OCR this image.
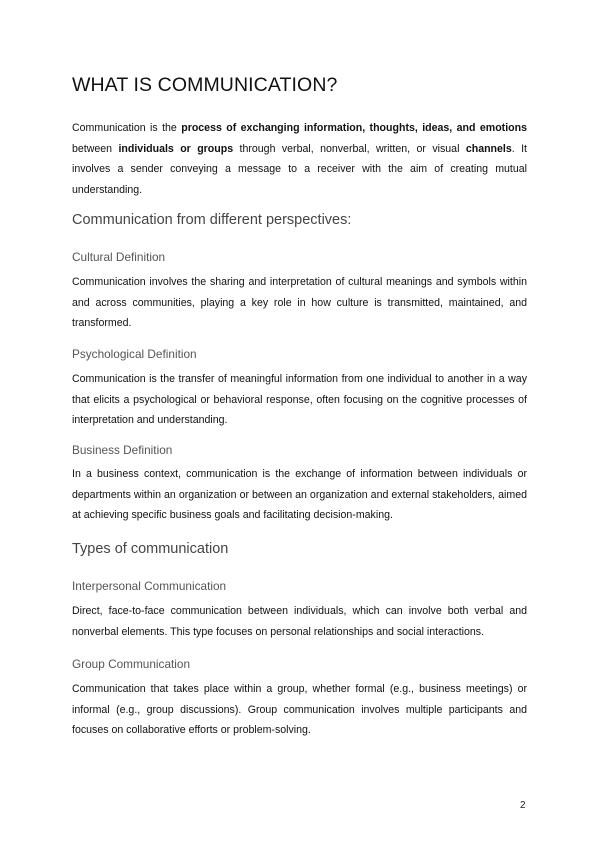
WHAT IS COMMUNICATION?

Communication is the process of exchanging information, thoughts, ideas, and emotions between individuals or groups through verbal, nonverbal, written, or visual channels. It involves a sender conveying a message to a receiver with the aim of creating mutual understanding.

Communication from different perspectives:
Cultural Definition

Communication involves the sharing and interpretation of cultural meanings and symbols within and across communities, playing a key role in how culture is transmitted, maintained, and transformed.

Psychological Definition

Communication is the transfer of meaningful information from one individual to another in a way that elicits a psychological or behavioral response, often focusing on the cognitive processes of interpretation and understanding.

Business Definition

In a business context, communication is the exchange of information between individuals or departments within an organization or between an organization and external stakeholders, aimed at achieving specific business goals and facilitating decision-making.

Types of communication
Interpersonal Communication

Direct, face-to-face communication between individuals, which can involve both verbal and nonverbal elements. This type focuses on personal relationships and social interactions.

Group Communication

Communication that takes place within a group, whether formal (e.g., business meetings) or informal (e.g., group discussions). Group communication involves multiple participants and focuses on collaborative efforts or problem-solving.

2
